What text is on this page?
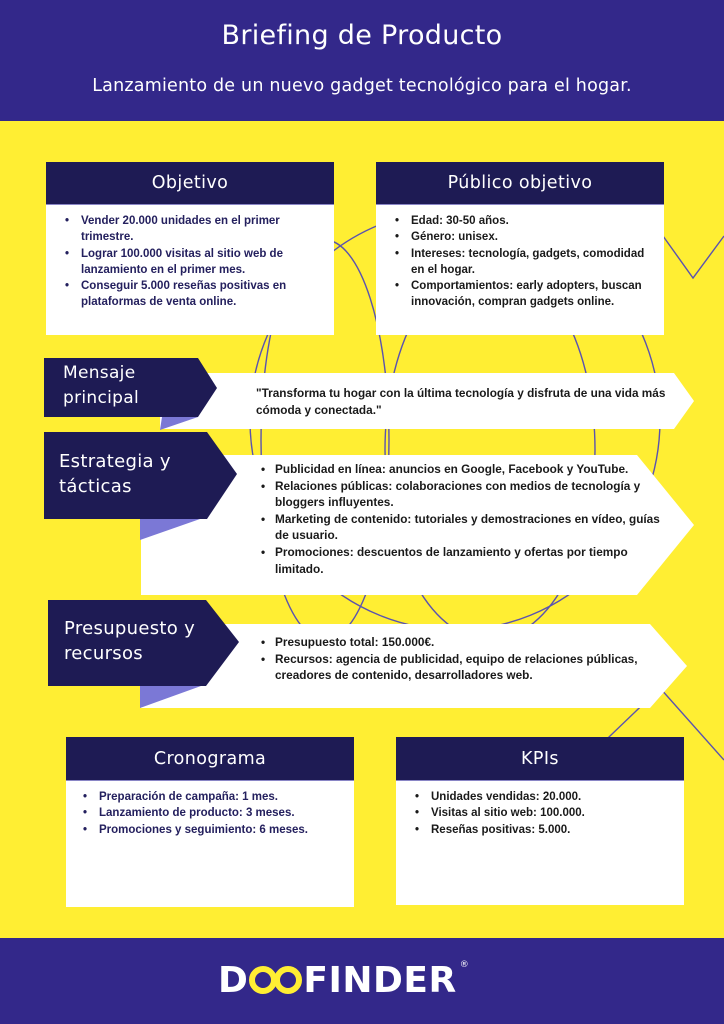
Briefing de Producto
Lanzamiento de un nuevo gadget tecnológico para el hogar.
Objetivo
• Vender 20.000 unidades en el primer trimestre.
• Lograr 100.000 visitas al sitio web de lanzamiento en el primer mes.
• Conseguir 5.000 reseñas positivas en plataformas de venta online.
Público objetivo
• Edad: 30-50 años.
• Género: unisex.
• Intereses: tecnología, gadgets, comodidad en el hogar.
• Comportamientos: early adopters, buscan innovación, compran gadgets online.
"Transforma tu hogar con la última tecnología y disfruta de una vida más cómoda y conectada."
Mensaje
principal
• Publicidad en línea: anuncios en Google, Facebook y YouTube.
• Relaciones públicas: colaboraciones con medios de tecnología y bloggers influyentes.
• Marketing de contenido: tutoriales y demostraciones en vídeo, guías de usuario.
• Promociones: descuentos de lanzamiento y ofertas por tiempo limitado.
Estrategia y
tácticas
• Presupuesto total: 150.000€.
• Recursos: agencia de publicidad, equipo de relaciones públicas, creadores de contenido, desarrolladores web.
Presupuesto y
recursos
Cronograma
• Preparación de campaña: 1 mes.
• Lanzamiento de producto: 3 meses.
• Promociones y seguimiento: 6 meses.
KPIs
• Unidades vendidas: 20.000.
• Visitas al sitio web: 100.000.
• Reseñas positivas: 5.000.
D FINDER ®
